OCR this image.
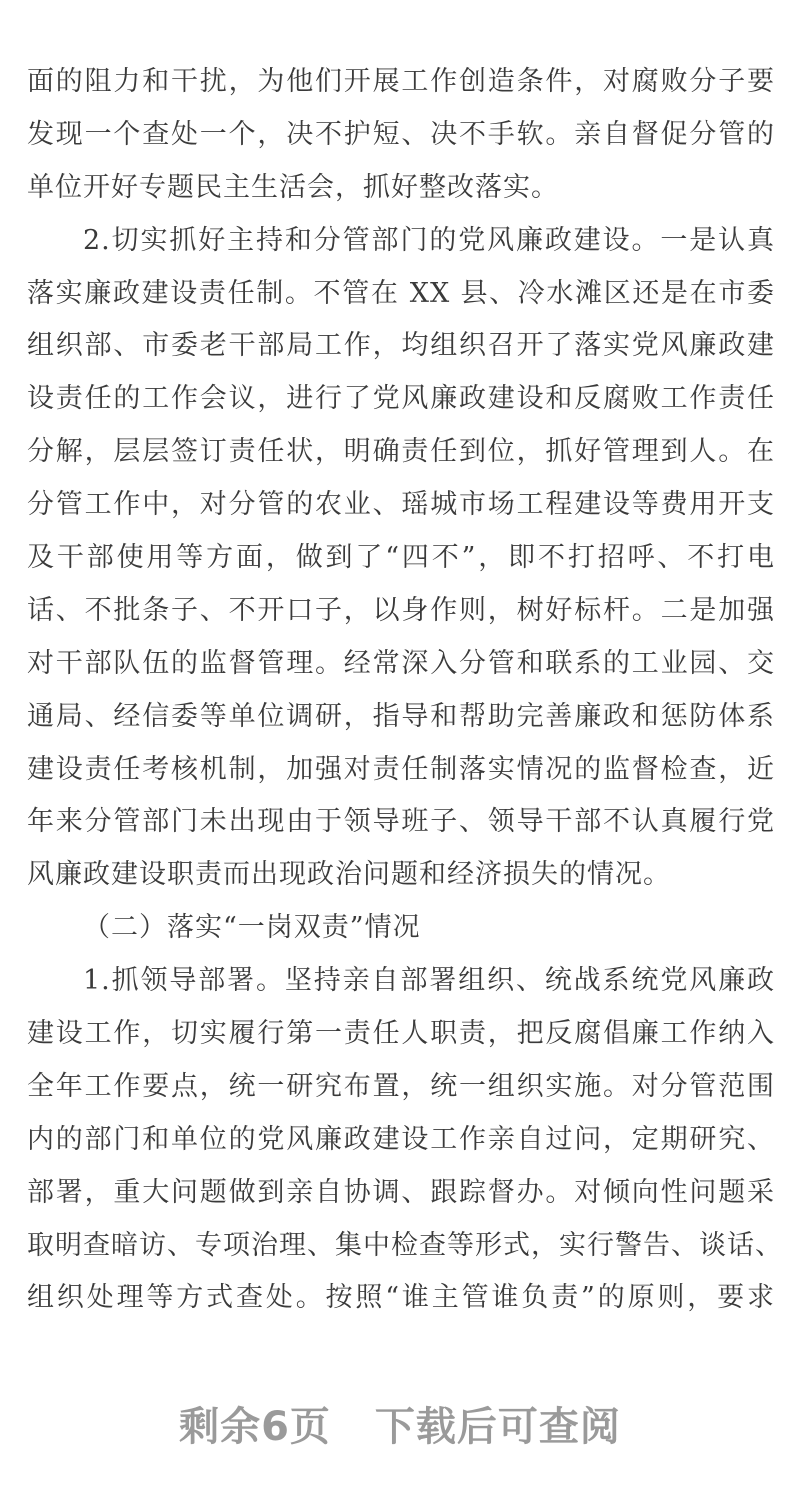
面的阻力和干扰，为他们开展工作创造条件，对腐败分子要
发现一个查处一个，决不护短、决不手软。亲自督促分管的
单位开好专题民主生活会，抓好整改落实。
2.切实抓好主持和分管部门的党风廉政建设。一是认真
落实廉政建设责任制。不管在 XX 县、冷水滩区还是在市委
组织部、市委老干部局工作，均组织召开了落实党风廉政建
设责任的工作会议，进行了党风廉政建设和反腐败工作责任
分解，层层签订责任状，明确责任到位，抓好管理到人。在
分管工作中，对分管的农业、瑶城市场工程建设等费用开支
及干部使用等方面，做到了“四不”，即不打招呼、不打电
话、不批条子、不开口子，以身作则，树好标杆。二是加强
对干部队伍的监督管理。经常深入分管和联系的工业园、交
通局、经信委等单位调研，指导和帮助完善廉政和惩防体系
建设责任考核机制，加强对责任制落实情况的监督检查，近
年来分管部门未出现由于领导班子、领导干部不认真履行党
风廉政建设职责而出现政治问题和经济损失的情况。
（二）落实“一岗双责”情况
1.抓领导部署。坚持亲自部署组织、统战系统党风廉政
建设工作，切实履行第一责任人职责，把反腐倡廉工作纳入
全年工作要点，统一研究布置，统一组织实施。对分管范围
内的部门和单位的党风廉政建设工作亲自过问，定期研究、
部署，重大问题做到亲自协调、跟踪督办。对倾向性问题采
取明查暗访、专项治理、集中检查等形式，实行警告、谈话、
组织处理等方式查处。按照“谁主管谁负责”的原则，要求
剩余6页 下载后可查阅
